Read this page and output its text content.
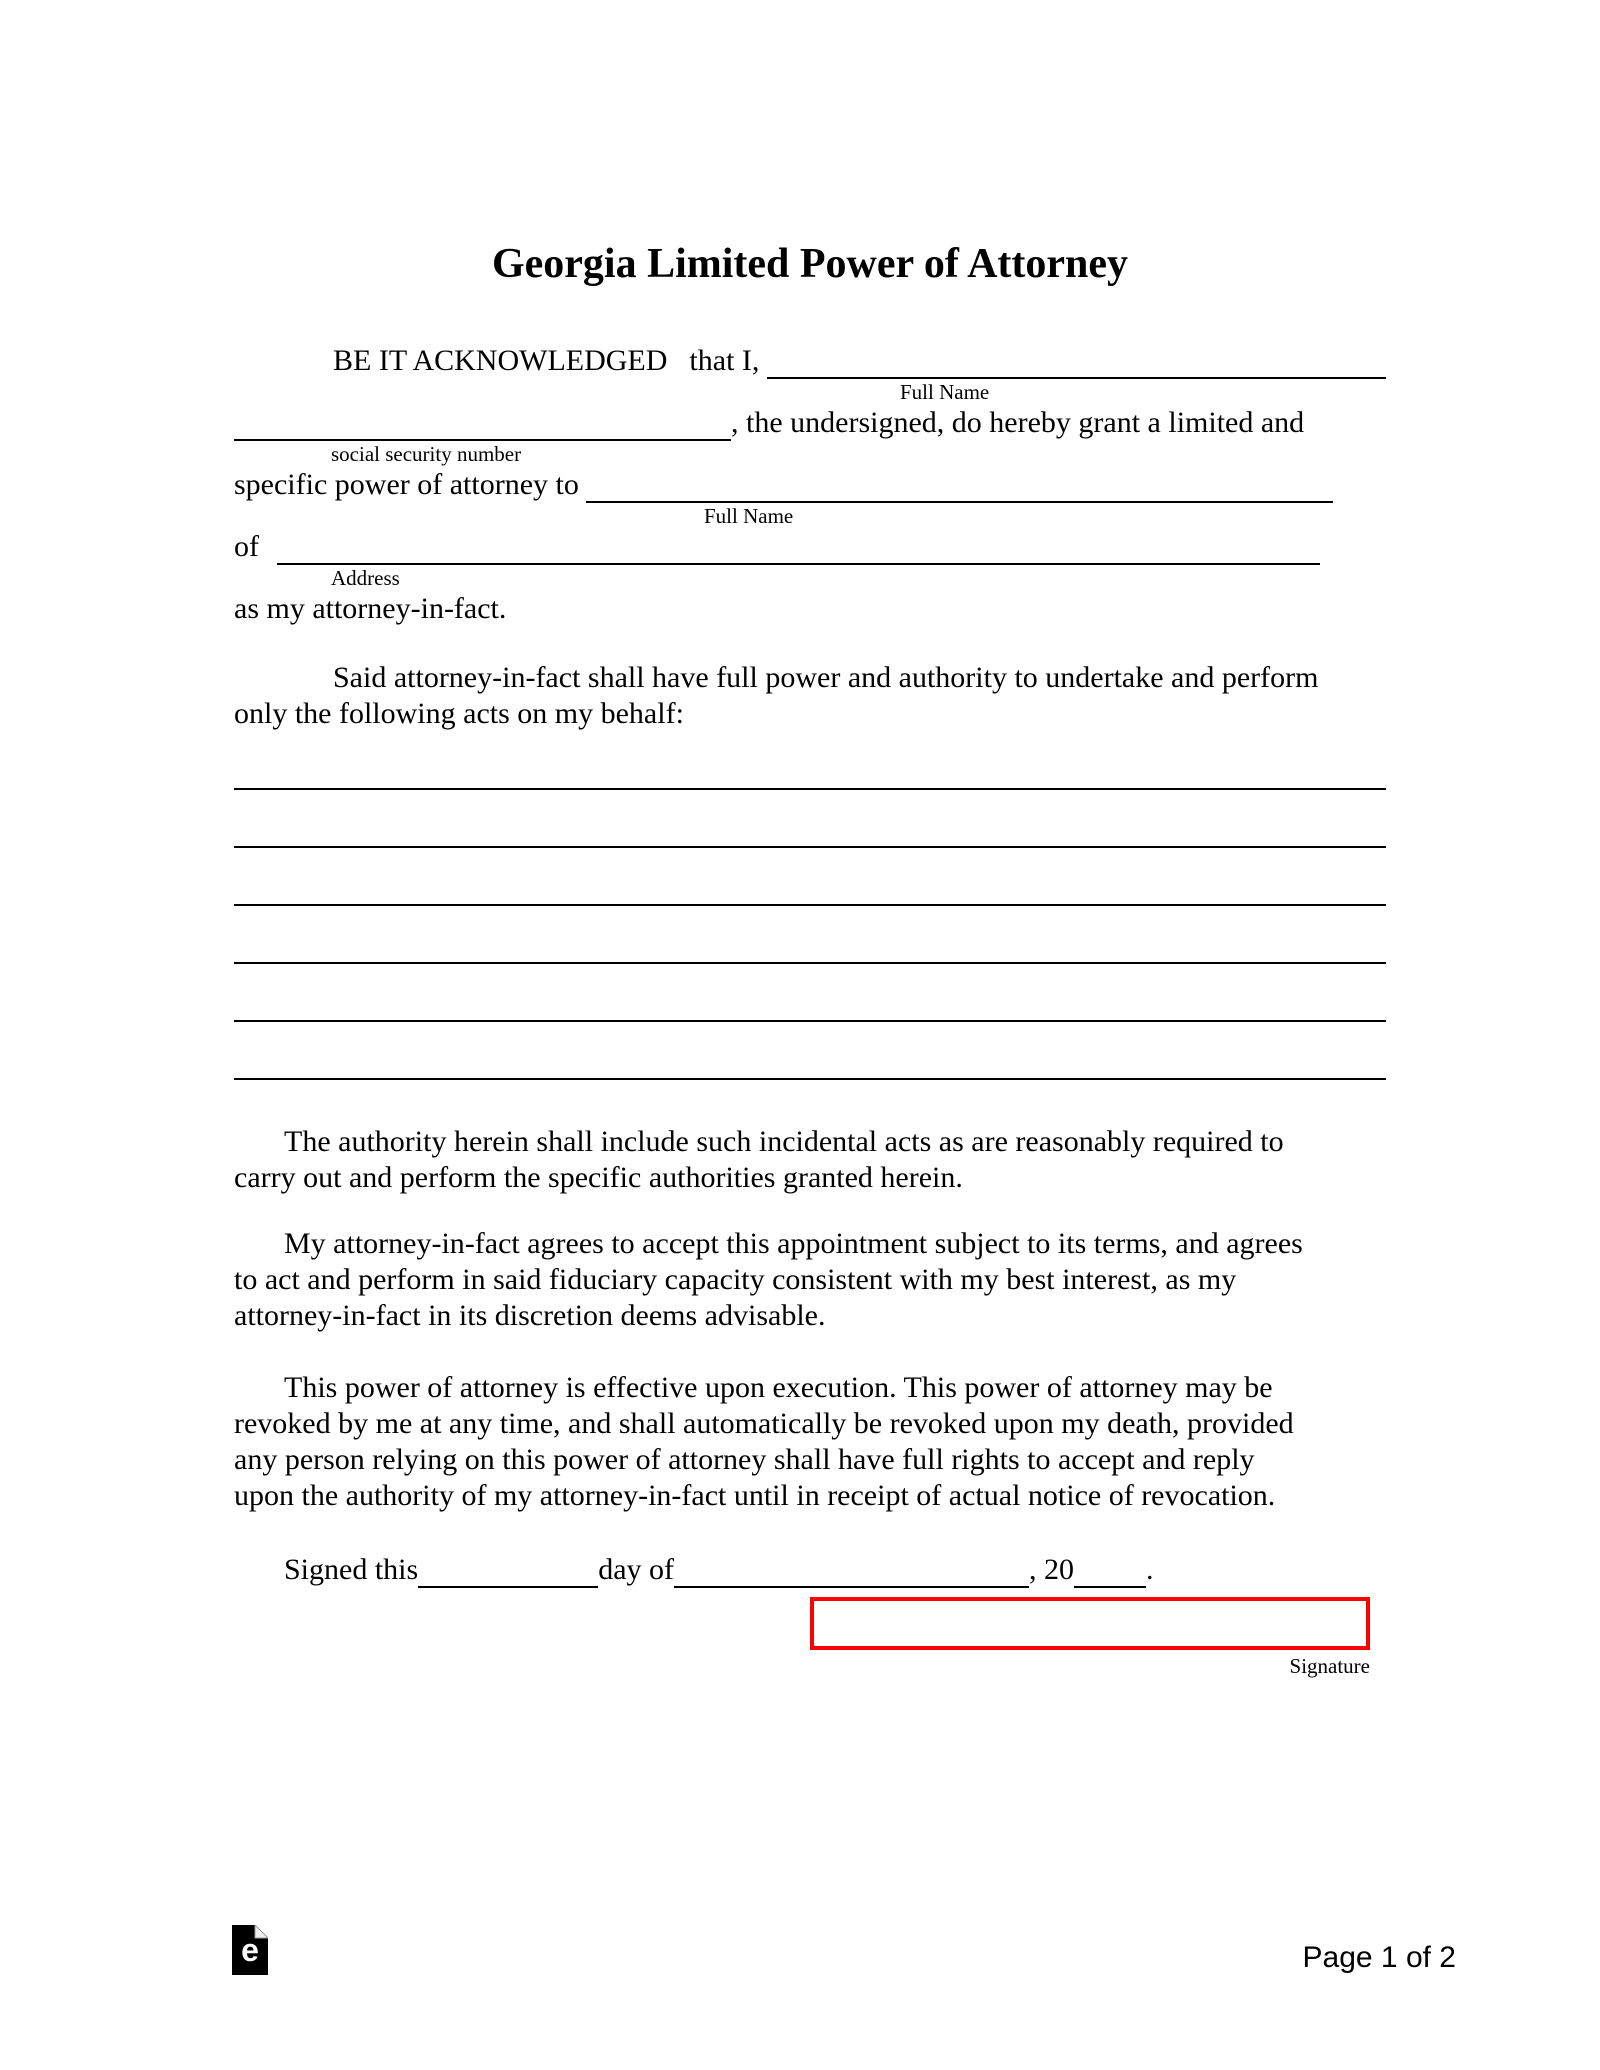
Georgia Limited Power of Attorney
BE IT ACKNOWLEDGED that I,
Full Name
, the undersigned, do hereby grant a limited and
social security number
specific power of attorney to
Full Name
of
Address
as my attorney-in-fact.
Said attorney-in-fact shall have full power and authority to undertake and perform
only the following acts on my behalf:
The authority herein shall include such incidental acts as are reasonably required to
carry out and perform the specific authorities granted herein.
My attorney-in-fact agrees to accept this appointment subject to its terms, and agrees
to act and perform in said fiduciary capacity consistent with my best interest, as my
attorney-in-fact in its discretion deems advisable.
This power of attorney is effective upon execution. This power of attorney may be
revoked by me at any time, and shall automatically be revoked upon my death, provided
any person relying on this power of attorney shall have full rights to accept and reply
upon the authority of my attorney-in-fact until in receipt of actual notice of revocation.
Signed this	day of	, 20 .
Signature
e	Page 1 of 2
